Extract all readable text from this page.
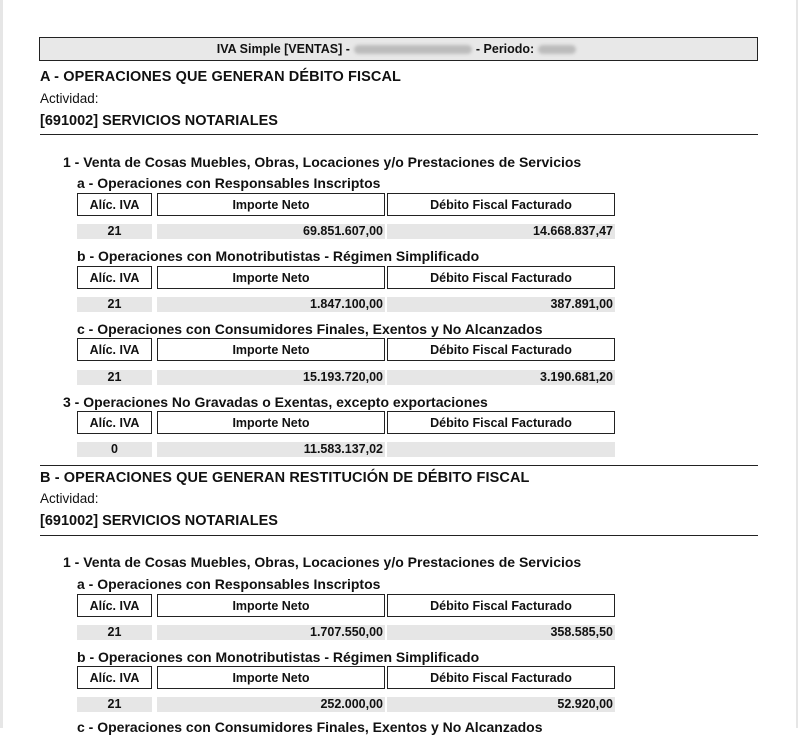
IVA Simple [VENTAS] -	- Periodo:
A - OPERACIONES QUE GENERAN DÉBITO FISCAL
Actividad:
[691002] SERVICIOS NOTARIALES
1 - Venta de Cosas Muebles, Obras, Locaciones y/o Prestaciones de Servicios
a - Operaciones con Responsables Inscriptos
Alíc. IVA	Importe Neto	Débito Fiscal Facturado
21	69.851.607,00	14.668.837,47
b - Operaciones con Monotributistas - Régimen Simplificado
Alíc. IVA	Importe Neto	Débito Fiscal Facturado
21	1.847.100,00	387.891,00
c - Operaciones con Consumidores Finales, Exentos y No Alcanzados
Alíc. IVA	Importe Neto	Débito Fiscal Facturado
21	15.193.720,00	3.190.681,20
3 - Operaciones No Gravadas o Exentas, excepto exportaciones
Alíc. IVA	Importe Neto	Débito Fiscal Facturado
0	11.583.137,02
B - OPERACIONES QUE GENERAN RESTITUCIÓN DE DÉBITO FISCAL
Actividad:
[691002] SERVICIOS NOTARIALES
1 - Venta de Cosas Muebles, Obras, Locaciones y/o Prestaciones de Servicios
a - Operaciones con Responsables Inscriptos
Alíc. IVA	Importe Neto	Débito Fiscal Facturado
21	1.707.550,00	358.585,50
b - Operaciones con Monotributistas - Régimen Simplificado
Alíc. IVA	Importe Neto	Débito Fiscal Facturado
21	252.000,00	52.920,00
c - Operaciones con Consumidores Finales, Exentos y No Alcanzados
